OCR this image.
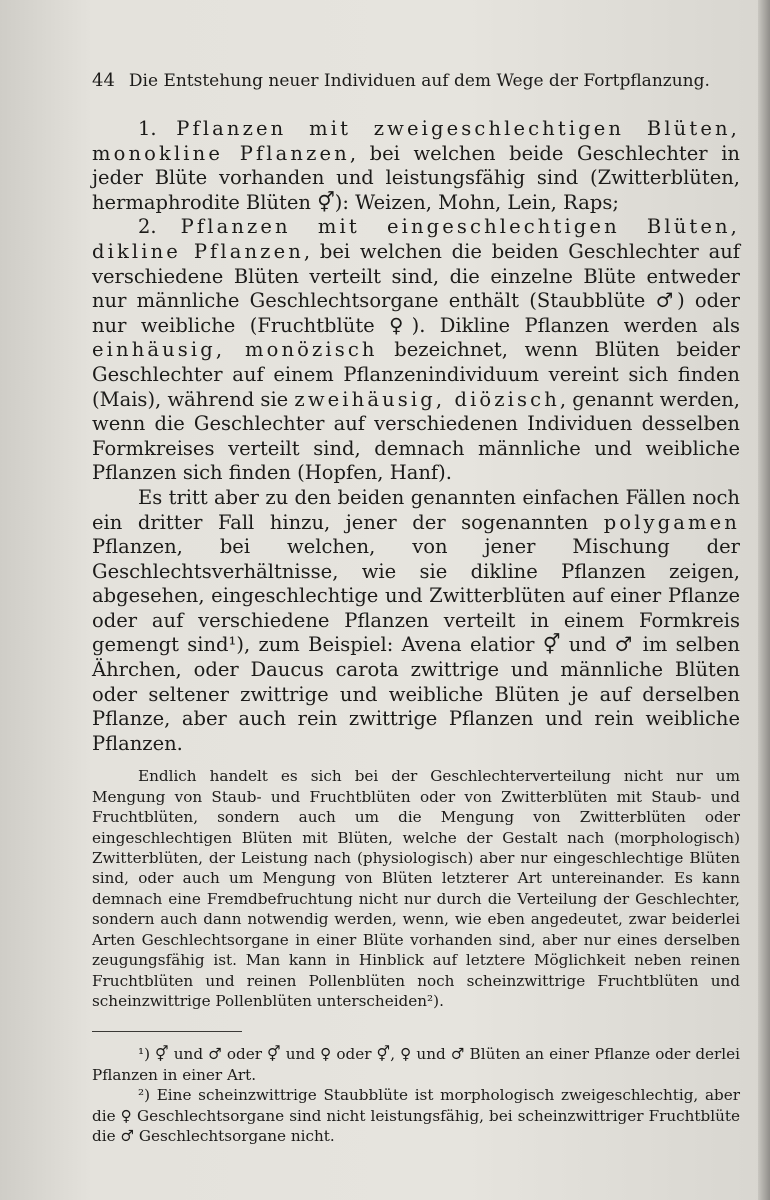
44 Die Entstehung neuer Individuen auf dem Wege der Fortpflanzung.

1. Pflanzen mit zweigeschlechtigen Blüten, monokline Pflanzen, bei welchen beide Geschlechter in jeder Blüte vorhanden und leistungsfähig sind (Zwitterblüten, hermaphrodite Blüten ⚥): Weizen, Mohn, Lein, Raps;

2. Pflanzen mit eingeschlechtigen Blüten, dikline Pflanzen, bei welchen die beiden Geschlechter auf verschiedene Blüten verteilt sind, die einzelne Blüte entweder nur männliche Geschlechtsorgane enthält (Staubblüte ♂) oder nur weibliche (Fruchtblüte ♀). Dikline Pflanzen werden als einhäusig, monözisch bezeichnet, wenn Blüten beider Geschlechter auf einem Pflanzenindividuum vereint sich finden (Mais), während sie zweihäusig, diözisch, genannt werden, wenn die Geschlechter auf verschiedenen Individuen desselben Formkreises verteilt sind, demnach männliche und weibliche Pflanzen sich finden (Hopfen, Hanf).

Es tritt aber zu den beiden genannten einfachen Fällen noch ein dritter Fall hinzu, jener der sogenannten polygamen Pflanzen, bei welchen, von jener Mischung der Geschlechtsverhältnisse, wie sie dikline Pflanzen zeigen, abgesehen, eingeschlechtige und Zwitterblüten auf einer Pflanze oder auf verschiedene Pflanzen verteilt in einem Formkreis gemengt sind¹), zum Beispiel: Avena elatior ⚥ und ♂ im selben Ährchen, oder Daucus carota zwittrige und männliche Blüten oder seltener zwittrige und weibliche Blüten je auf derselben Pflanze, aber auch rein zwittrige Pflanzen und rein weibliche Pflanzen.

Endlich handelt es sich bei der Geschlechterverteilung nicht nur um Mengung von Staub- und Fruchtblüten oder von Zwitterblüten mit Staub- und Fruchtblüten, sondern auch um die Mengung von Zwitterblüten oder eingeschlechtigen Blüten mit Blüten, welche der Gestalt nach (morphologisch) Zwitterblüten, der Leistung nach (physiologisch) aber nur eingeschlechtige Blüten sind, oder auch um Mengung von Blüten letzterer Art untereinander. Es kann demnach eine Fremdbefruchtung nicht nur durch die Verteilung der Geschlechter, sondern auch dann notwendig werden, wenn, wie eben angedeutet, zwar beiderlei Arten Geschlechtsorgane in einer Blüte vorhanden sind, aber nur eines derselben zeugungsfähig ist. Man kann in Hinblick auf letztere Möglichkeit neben reinen Fruchtblüten und reinen Pollenblüten noch scheinzwittrige Fruchtblüten und scheinzwittrige Pollenblüten unterscheiden²).

¹) ⚥ und ♂ oder ⚥ und ♀ oder ⚥, ♀ und ♂ Blüten an einer Pflanze oder derlei Pflanzen in einer Art.

²) Eine scheinzwittrige Staubblüte ist morphologisch zweigeschlechtig, aber die ♀ Geschlechtsorgane sind nicht leistungsfähig, bei scheinzwittriger Fruchtblüte die ♂ Geschlechtsorgane nicht.
